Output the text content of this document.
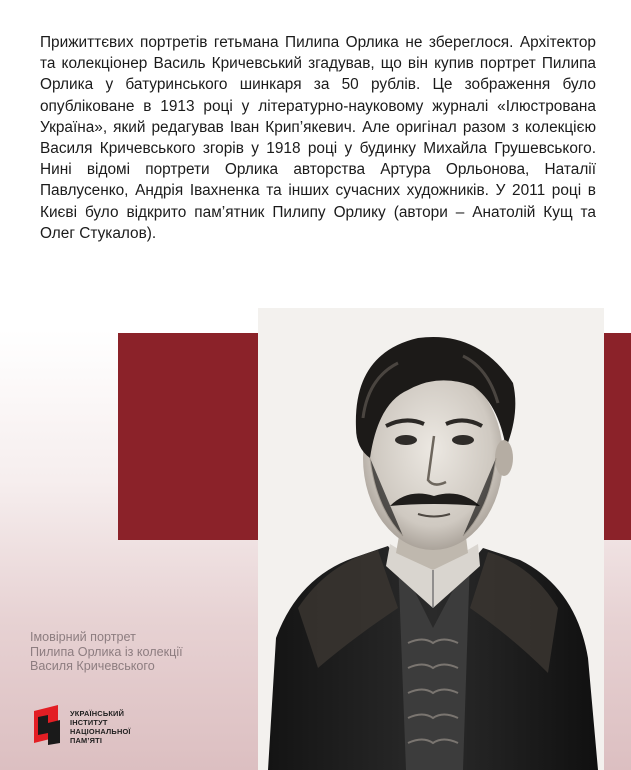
Прижиттєвих портретів гетьмана Пилипа Орлика не збереглося. Архітектор та колекціонер Василь Кричевський згадував, що він купив портрет Пилипа Орлика у батуринського шинкаря за 50 рублів. Це зображення було опубліковане в 1913 році у літературно-науковому журналі «Ілюстрована Україна», який редагував Іван Крип’якевич. Але оригінал разом з колекцією Василя Кричевського згорів у 1918 році у будинку Михайла Грушевського. Нині відомі портрети Орлика авторства Артура Орльонова, Наталії Павлусенко, Андрія Івахненка та інших сучасних художників. У 2011 році в Києві було відкрито пам’ятник Пилипу Орлику (автори – Анатолій Кущ та Олег Стукалов).

Імовірний портрет
Пилипа Орлика із колекції
Василя Кричевського
УКРАЇНСЬКИЙ
ІНСТИТУТ
НАЦІОНАЛЬНОЇ
ПАМ’ЯТІ
